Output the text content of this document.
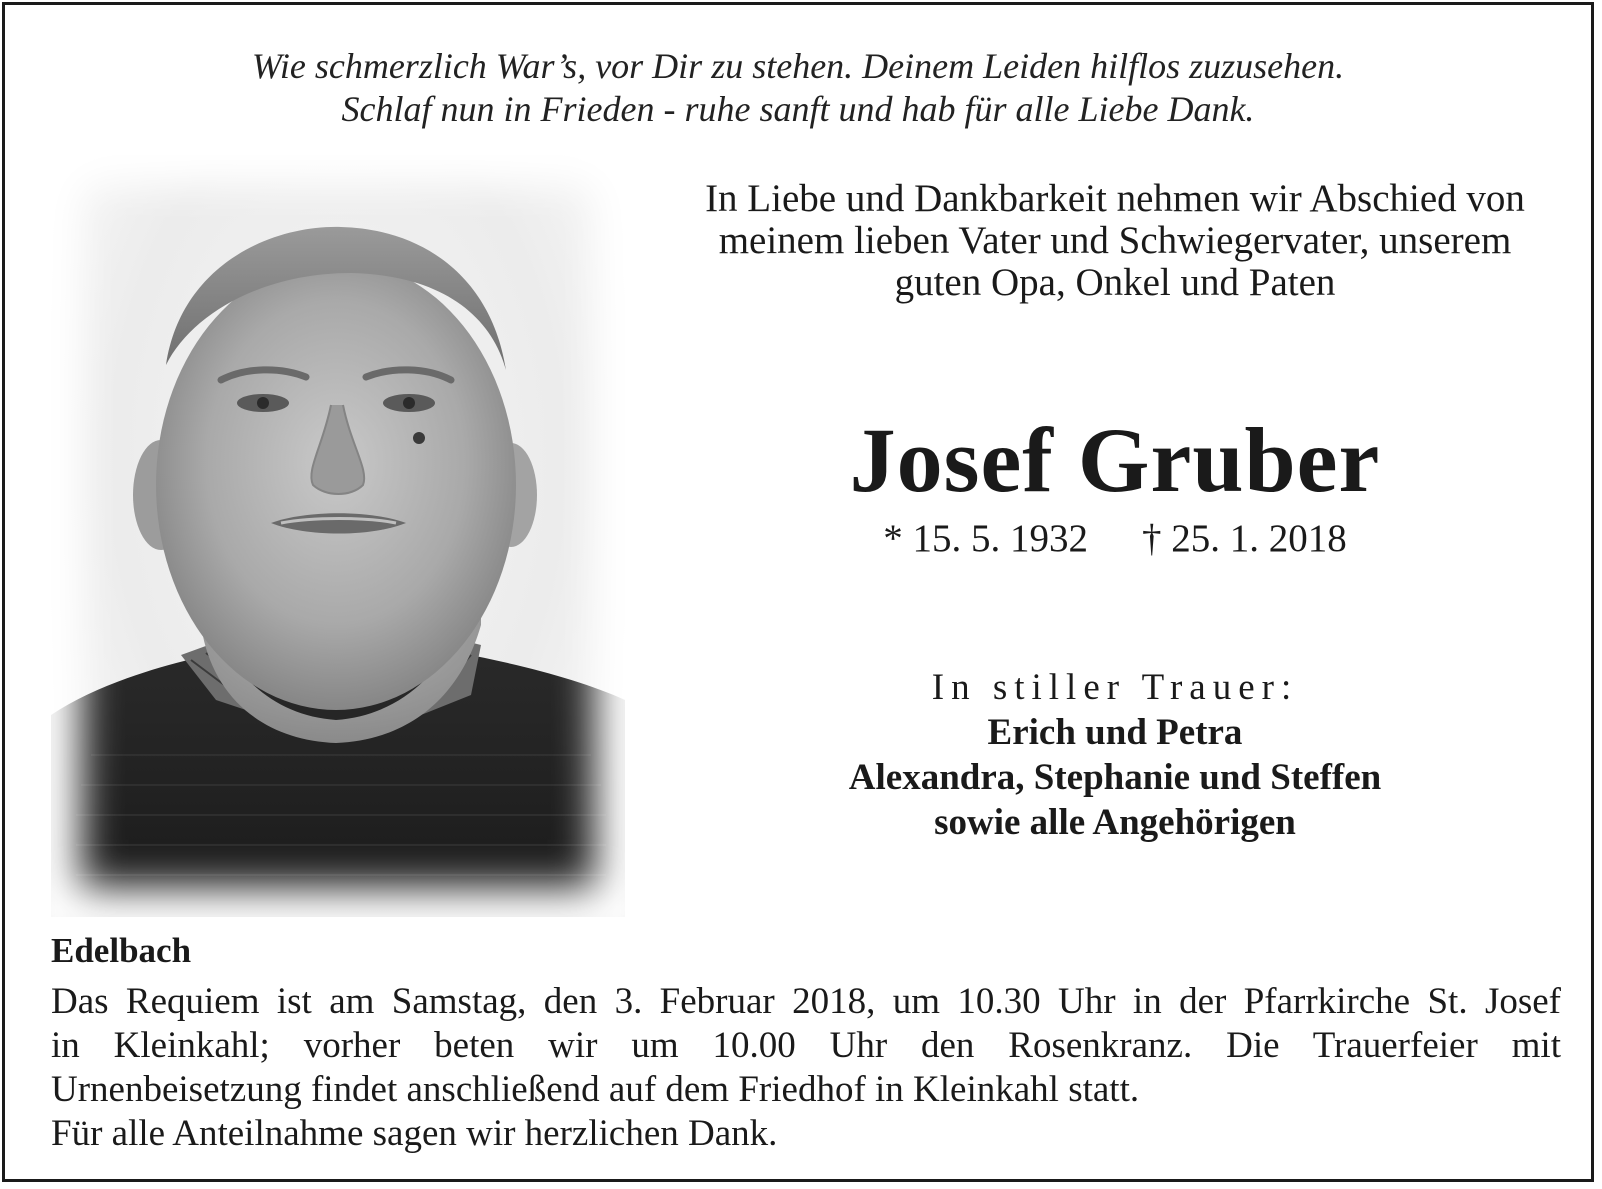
Wie schmerzlich War’s, vor Dir zu stehen. Deinem Leiden hilflos zuzusehen.
Schlaf nun in Frieden - ruhe sanft und hab für alle Liebe Dank.
In Liebe und Dankbarkeit nehmen wir Abschied von
meinem lieben Vater und Schwiegervater, unserem
guten Opa, Onkel und Paten
Josef Gruber
* 15. 5. 1932 † 25. 1. 2018
In stiller Trauer:
Erich und Petra
Alexandra, Stephanie und Steffen
sowie alle Angehörigen
Edelbach
Das Requiem ist am Samstag, den 3. Februar 2018, um 10.30 Uhr in der Pfarrkirche St. Josef
in Kleinkahl; vorher beten wir um 10.00 Uhr den Rosenkranz. Die Trauerfeier mit
Urnenbeisetzung findet anschließend auf dem Friedhof in Kleinkahl statt.
Für alle Anteilnahme sagen wir herzlichen Dank.
